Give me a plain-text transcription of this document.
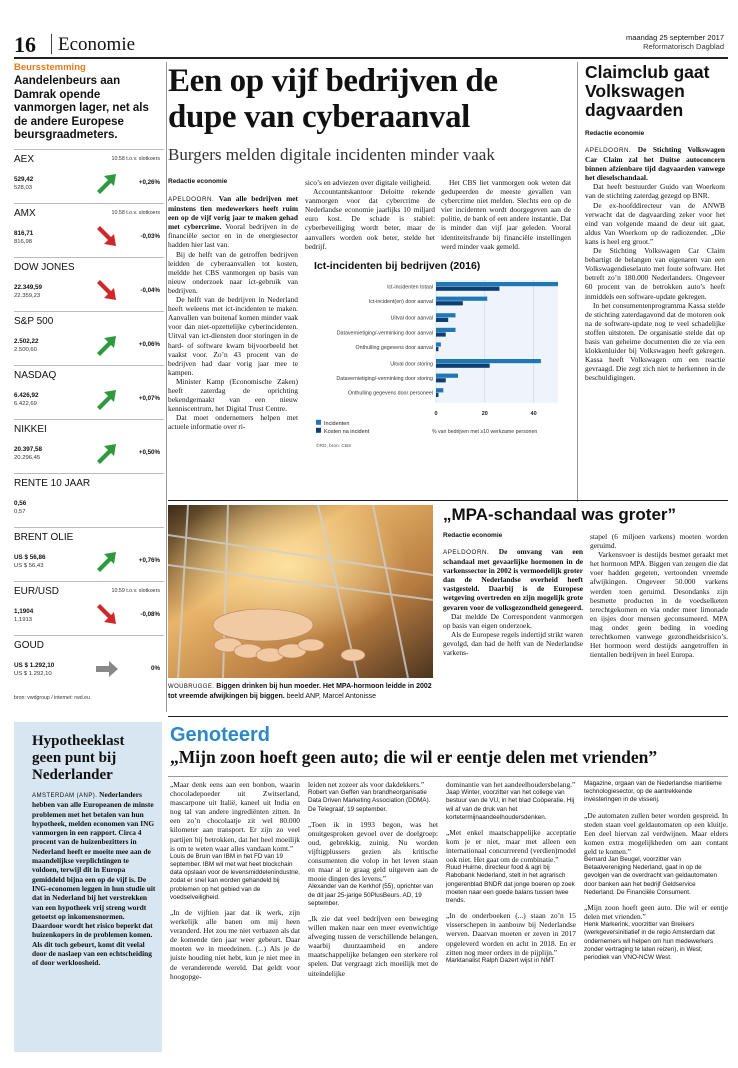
16 Economie	maandag 25 september 2017
Reformatorisch Dagblad
Beursstemming
Aandelenbeurs aan Damrak opende vanmorgen lager, net als de andere Europese beursgraadmeters.
AEX	10.58 t.o.v. slotkoers
529,42
528,03
+0,26%
AMX	10.58 t.o.v. slotkoers
816,71
816,98
-0,03%
DOW JONES
22.349,59
22.359,23
-0,04%
S&P 500
2.502,22
2.500,60
+0,06%
NASDAQ
6.426,92
6.422,69
+0,07%
NIKKEI
20.397,58
20.296,45
+0,50%
RENTE 10 JAAR
0,56
0,57
BRENT OLIE
US $ 56,86
US $ 56,43
+0,76%
EUR/USD	10.59 t.o.v. slotkoers
1,1904
1,1913
-0,08%
GOUD
US $ 1.292,10
US $ 1.292,10
0%
bron: vwdgroup / internet: rwd.eu
Een op vijf bedrijven de dupe van cyberaanval
Burgers melden digitale incidenten minder vaak
Redactie economie

APELDOORN. Van alle bedrijven met minstens tien medewerkers heeft ruim een op de vijf vorig jaar te maken gehad met cybercrime. Vooral bedrijven in de financiële sector en in de energiesector hadden hier last van.

Bij de helft van de getroffen bedrijven leidden de cyberaanvallen tot kosten, meldde het CBS vanmorgen op basis van nieuw onderzoek naar ict-gebruik van bedrijven.

De helft van de bedrijven in Nederland heeft weleens met ict-incidenten te maken. Aanvallen van buitenaf komen minder vaak voor dan niet-opzettelijke cyberincidenten. Uitval van ict-diensten door storingen in de hard- of software kwam bijvoorbeeld het vaakst voor. Zo’n 43 procent van de bedrijven had daar vorig jaar mee te kampen.

Minister Kamp (Economische Zaken) heeft zaterdag de oprichting bekendgemaakt van een nieuw kenniscentrum, het Digital Trust Centre.

Dat moet ondernemers helpen met actuele informatie over ri-

sico’s en adviezen over digitale veiligheid.

Accountantskantoor Deloitte rekende vanmorgen voor dat cybercrime de Nederlandse economie jaarlijks 10 miljard euro kost. De schade is stabiel: cyberbeveiliging wordt beter, maar de aanvallers worden ook beter, stelde het bedrijf.

Het CBS liet vanmorgen ook weten dat gedupeerden de meeste gevallen van cybercrime niet melden. Slechts een op de vier incidenten wordt doorgegeven aan de politie, de bank of een andere instantie. Dat is minder dan vijf jaar geleden. Vooral identiteitsfraude bij financiële instellingen werd minder vaak gemeld.

Ict-incidenten bij bedrijven (2016)
Ict-incidenten totaal
Ict-incident(en) door aanval
Uitval door aanval
Datavernietiging/-verminking door aanval
Onthulling gegevens door aanval
Uitval door storing
Datavernietiging/-verminking door storing
Onthulling gegevens door personeel
0	20	40
Incidenten
Kosten na incident	% van bedrijven met ≥10 werkzame personen
©RD, bron: CBS
Claimclub gaat Volkswagen dagvaarden
Redactie economie

APELDOORN. De Stichting Volkswagen Car Claim zal het Duitse autoconcern binnen afzienbare tijd dagvaarden vanwege het dieselschandaal.

Dat heeft bestuurder Guido van Woerkom van de stichting zaterdag gezegd op BNR.

De ex-hoofddirecteur van de ANWB verwacht dat de dagvaarding zeker voor het eind van volgende maand de deur uit gaat, aldus Van Woerkom op de radiozender. „Die kans is heel erg groot.”

De Stichting Volkswagen Car Claim behartigt de belangen van eigenaren van een Volkswagendieselauto met foute software. Het betreft zo’n 180.000 Nederlanders. Ongeveer 60 procent van de betrokken auto’s heeft inmiddels een software-update gekregen.

In het consumentenprogramma Kassa stelde de stichting zaterdagavond dat de motoren ook na de software-update nog te veel schadelijke stoffen uitstoten. De organisatie stelde dat op basis van geheime documenten die ze via een klokkenluider bij Volkswagen heeft gekregen. Kassa heeft Volkswagen om een reactie gevraagd. Die zegt zich niet te herkennen in de beschuldigingen.

„MPA-schandaal was groter”
WOUBRUGGE. Biggen drinken bij hun moeder. Het MPA-hormoon leidde in 2002 tot vreemde afwijkingen bij biggen. beeld ANP, Marcel Antonisse
Redactie economie

APELDOORN. De omvang van een schandaal met gevaarlijke hormonen in de varkenssector in 2002 is vermoedelijk groter dan de Nederlandse overheid heeft vastgesteld. Daarbij is de Europese wetgeving overtreden en zijn mogelijk grote gevaren voor de volksgezondheid genegeerd.

Dat meldde De Correspondent vanmorgen op basis van eigen onderzoek.

Als de Europese regels indertijd strikt waren gevolgd, dan had de helft van de Nederlandse varkens-

stapel (6 miljoen varkens) moeten worden geruimd.

Varkensvoer is destijds besmet geraakt met het hormoon MPA. Biggen van zeugen die dat voer hadden gegeten, vertoonden vreemde afwijkingen. Ongeveer 50.000 varkens werden toen geruimd. Desondanks zijn besmette producten in de voedselketen terechtgekomen en via onder meer limonade en ijsjes door mensen geconsumeerd. MPA mag onder geen beding in voeding terechtkomen vanwege gezondheidsrisico’s. Het hormoon werd destijds aangetroffen in tientallen bedrijven in heel Europa.

Hypotheeklast geen punt bij Nederlander

AMSTERDAM (ANP). Nederlanders hebben van alle Europeanen de minste problemen met het betalen van hun hypotheek, melden economen van ING vanmorgen in een rapport. Circa 4 procent van de huizenbezitters in Nederland heeft er moeite mee aan de maandelijkse verplichtingen te voldoen, terwijl dit in Europa gemiddeld bijna een op de vijf is. De ING-economen leggen in hun studie uit dat in Nederland bij het verstrekken van een hypotheek vrij streng wordt getoetst op inkomensnormen. Daardoor wordt het risico beperkt dat huizenkopers in de problemen komen. Als dit toch gebeurt, komt dit veelal door de naslaep van een echtscheiding of door werkloosheid.

Genoteerd
„Mijn zoon hoeft geen auto; die wil er eentje delen met vrienden”

„Maar denk eens aan een bonbon, waarin chocoladepoeder uit Zwitserland, mascarpone uit Italië, kaneel uit India en nog tal van andere ingrediënten zitten. In een zo’n chocolaatje zit wel 80.000 kilometer aan transport. Er zijn zo veel partijen bij betrokken, dat het heel moeilijk is om te weten waar alles vandaan komt.”

Louis de Bruin van IBM in het FD van 19 september. IBM wil met wat heet blockchain data opslaan voor de levensmiddelenindustrie, zodat er snel kan worden gehandeld bij problemen op het gebied van de voedselveiligheid.

„In de vijftien jaar dat ik werk, zijn werkelijk alle banen om mij heen veranderd. Het zou me niet verbazen als dat de komende tien jaar weer gebeurt. Daar moeten we in meedeinen. (...) Als je de juiste houding niet hebt, kun je niet mee in de veranderende wereld. Dat geldt voor hoogopge-

leiden net zozeer als voor dakdekkers.”

Robert van Geffen van brandheorganisatie Data Driven Marketing Association (DDMA). De Telegraaf, 19 september.

„Toen ik in 1993 begon, was het onuitgesproken gevoel over de doelgroep: oud, gebrekkig, zuinig. Nu worden vijftigplussers gezien als kritische consumenten die volop in het leven staan en maar al te graag geld uitgeven aan de mooie dingen des levens.”

Alexander van de Kerkhof (55), oprichter van de dit jaar 25-jarige 50PlusBeurs. AD, 19 september.

„Ik zie dat veel bedrijven een beweging willen maken naar een meer evenwichtige afweging tussen de verschillende belangen, waarbij duurzaamheid en andere maatschappelijke belangen een sterkere rol spelen. Dat vergraagt zich moeilijk met de uiteindelijke

dominantie van het aandeelhoudersbelang.”

Jaap Winter, voorzitter van het college van bestuur van de VU, in het blad Coöperatie. Hij wil af van de druk van het kortetermijnaandeelhoudersdenken.

„Met enkel maatschappelijke acceptatie kom je er niet, maar met alleen een internationaal concurrerend (verdien)model ook niet. Het gaat om de combinatie.”

Ruud Huirne, directeur food & agri bij Rabobank Nederland, stelt in het agrarisch jongerenblad BNDR dat jonge boeren op zoek moeten naar een goede balans tussen twee trends.

„In de onderboeken (...) staan zo’n 15 visserschepen in aanbouw bij Nederlandse werven. Daarvan moeten er zeven in 2017 opgeleverd worden en acht in 2018. En er zitten nog meer orders in de pijplijn.”

Marktanalist Ralph Dazert wijst in NMT

Magazine, orgaan van de Nederlandse maritieme technologiesector, op de aantrekkende investeringen in de visserij.

„De automaten zullen beter worden gespreid. In steden staan veel geldautomaten op een kluitje. Een deel hiervan zal verdwijnen. Maar elders komen extra mogelijkheden om aan contant geld te komen.”

Bernard Jan Beugel, voorzitter van Betaalvereniging Nederland, gaat in op de gevolgen van de overdracht van geldautomaten door banken aan het bedrijf Geldservice Nederland. De Financiële Consument.

„Mijn zoon hoeft geen auto. Die wil er eentje delen met vrienden.”

Henk Markerink, voorzitter van Breikers (werkgeversinitiatief in de regio Amsterdam dat ondernemers wil helpen om hun medewerkers zonder vertraging te laten reizen), in West, periodiek van VNO-NCW West.
